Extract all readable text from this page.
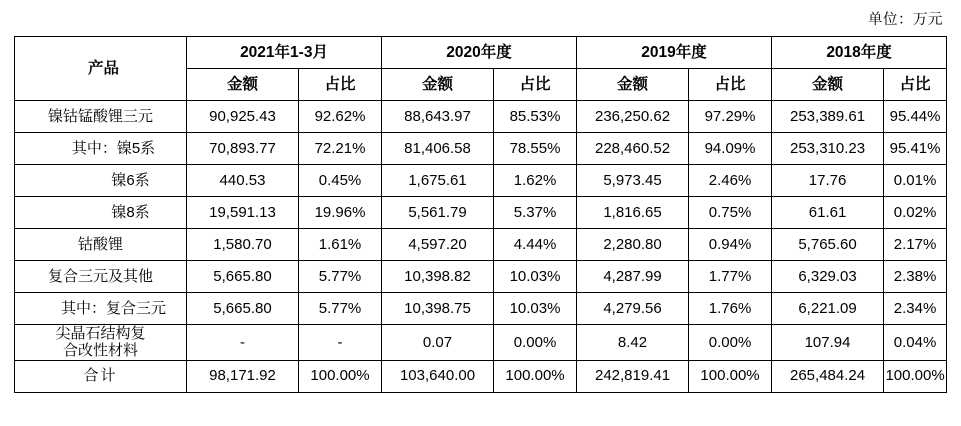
单位：万元
产品	2021年1-3月		2020年度		2019年度		2018年度	
	金额	占比	金额	占比	金额	占比	金额	占比
镍钴锰酸锂三元	90,925.43	92.62%	88,643.97	85.53%	236,250.62	97.29%	253,389.61	95.44%
其中：镍5系	70,893.77	72.21%	81,406.58	78.55%	228,460.52	94.09%	253,310.23	95.41%
镍6系	440.53	0.45%	1,675.61	1.62%	5,973.45	2.46%	17.76	0.01%
镍8系	19,591.13	19.96%	5,561.79	5.37%	1,816.65	0.75%	61.61	0.02%
钴酸锂	1,580.70	1.61%	4,597.20	4.44%	2,280.80	0.94%	5,765.60	2.17%
复合三元及其他	5,665.80	5.77%	10,398.82	10.03%	4,287.99	1.77%	6,329.03	2.38%
其中：复合三元	5,665.80	5.77%	10,398.75	10.03%	4,279.56	1.76%	6,221.09	2.34%

尖晶石结构复
合改性材料	-	-	0.07	0.00%	8.42	0.00%	107.94	0.04%
合计	98,171.92	100.00%	103,640.00	100.00%	242,819.41	100.00%	265,484.24	100.00%
